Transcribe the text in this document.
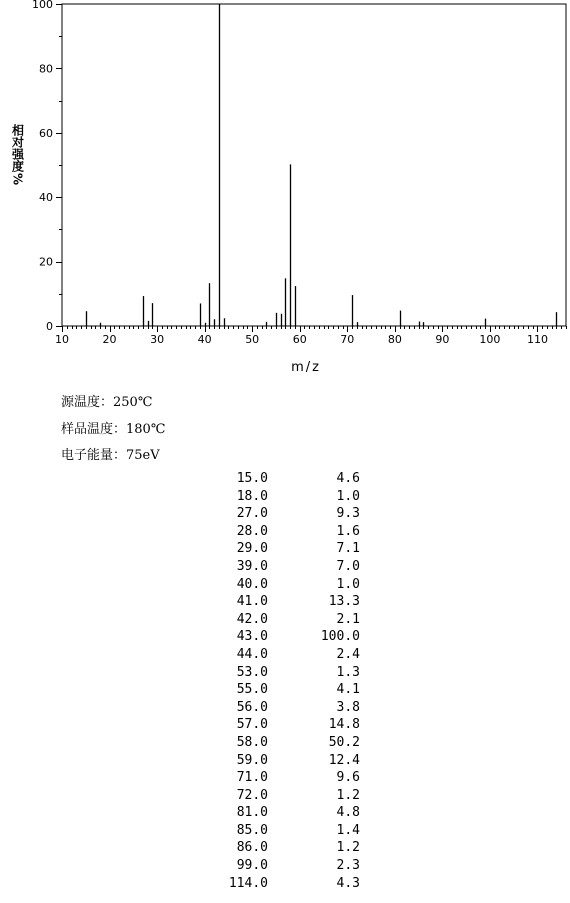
10	20	30	40	50	60	70	80	90	100 110
0
20
40
60
80
100
m/z
相对强度
%
源温度：250℃
样品温度：180℃
电子能量：75eV
15.0	4.6
18.0	1.0
27.0	9.3
28.0	1.6
29.0	7.1
39.0	7.0
40.0	1.0
41.0	13.3
42.0	2.1
43.0	100.0
44.0	2.4
53.0	1.3
55.0	4.1
56.0	3.8
57.0	14.8
58.0	50.2
59.0	12.4
71.0	9.6
72.0	1.2
81.0	4.8
85.0	1.4
86.0	1.2
99.0	2.3
114.0	4.3
